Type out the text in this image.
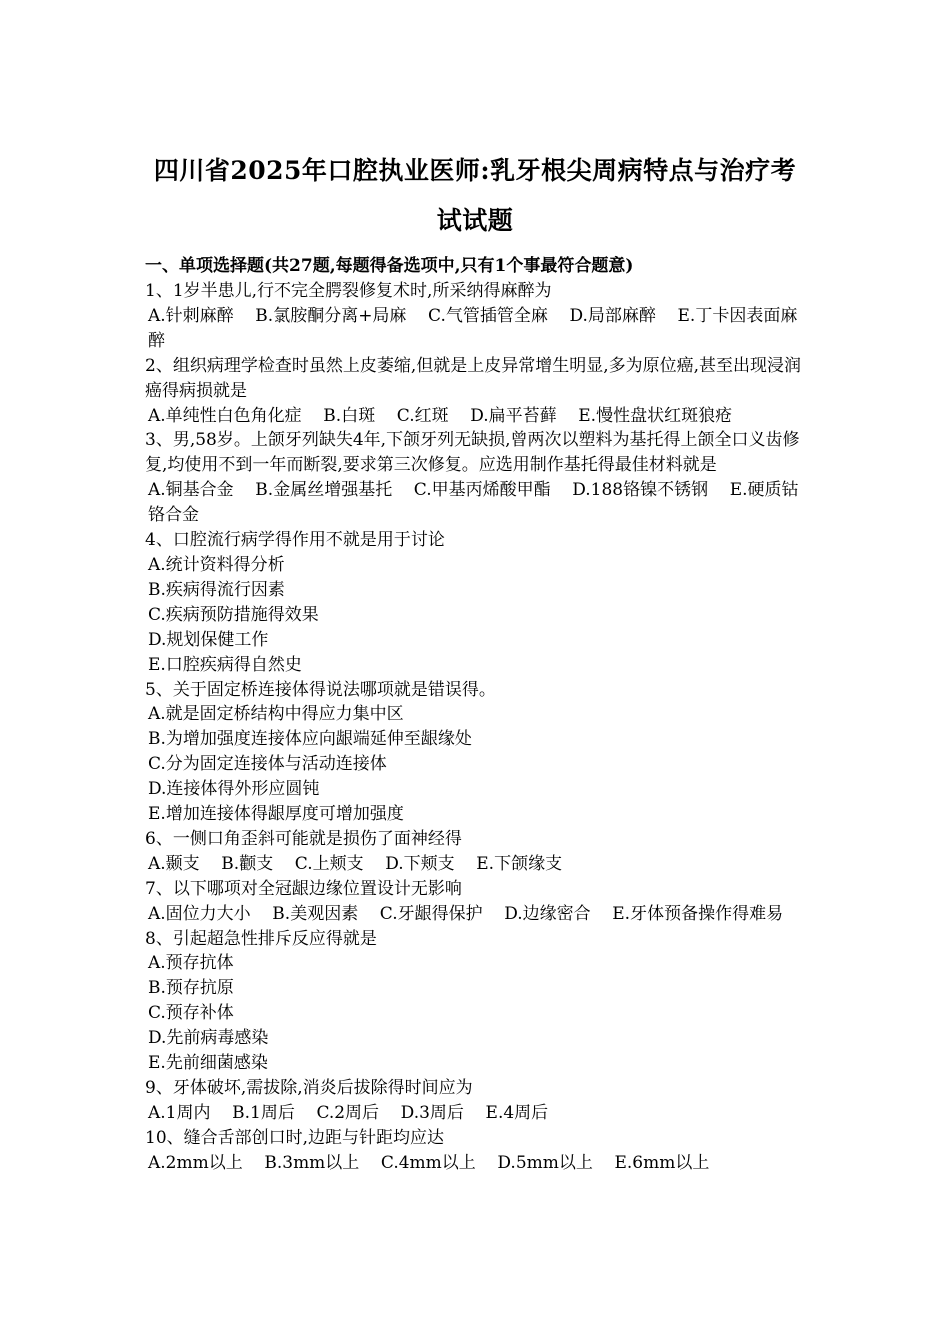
四川省2025年口腔执业医师:乳牙根尖周病特点与治疗考
试试题
一、单项选择题(共27题,每题得备选项中,只有1个事最符合题意)

1、1岁半患儿,行不完全腭裂修复术时,所采纳得麻醉为

A.针刺麻醉    B.氯胺酮分离+局麻    C.气管插管全麻    D.局部麻醉    E.丁卡因表面麻醉

2、组织病理学检查时虽然上皮萎缩,但就是上皮异常增生明显,多为原位癌,甚至出现浸润癌得病损就是

A.单纯性白色角化症    B.白斑    C.红斑    D.扁平苔藓    E.慢性盘状红斑狼疮

3、男,58岁。上颌牙列缺失4年,下颌牙列无缺损,曾两次以塑料为基托得上颌全口义齿修复,均使用不到一年而断裂,要求第三次修复。应选用制作基托得最佳材料就是

A.铜基合金    B.金属丝增强基托    C.甲基丙烯酸甲酯    D.188铬镍不锈钢    E.硬质钴铬合金

4、口腔流行病学得作用不就是用于讨论

A.统计资料得分析

B.疾病得流行因素

C.疾病预防措施得效果

D.规划保健工作

E.口腔疾病得自然史

5、关于固定桥连接体得说法哪项就是错误得。

A.就是固定桥结构中得应力集中区

B.为增加强度连接体应向龈端延伸至龈缘处

C.分为固定连接体与活动连接体

D.连接体得外形应圆钝

E.增加连接体得龈厚度可增加强度

6、一侧口角歪斜可能就是损伤了面神经得

A.颞支    B.颧支    C.上颊支    D.下颊支    E.下颌缘支

7、以下哪项对全冠龈边缘位置设计无影响

A.固位力大小    B.美观因素    C.牙龈得保护    D.边缘密合    E.牙体预备操作得难易

8、引起超急性排斥反应得就是

A.预存抗体

B.预存抗原

C.预存补体

D.先前病毒感染

E.先前细菌感染

9、牙体破坏,需拔除,消炎后拔除得时间应为

A.1周内    B.1周后    C.2周后    D.3周后    E.4周后

10、缝合舌部创口时,边距与针距均应达

A.2mm以上    B.3mm以上    C.4mm以上    D.5mm以上    E.6mm以上
